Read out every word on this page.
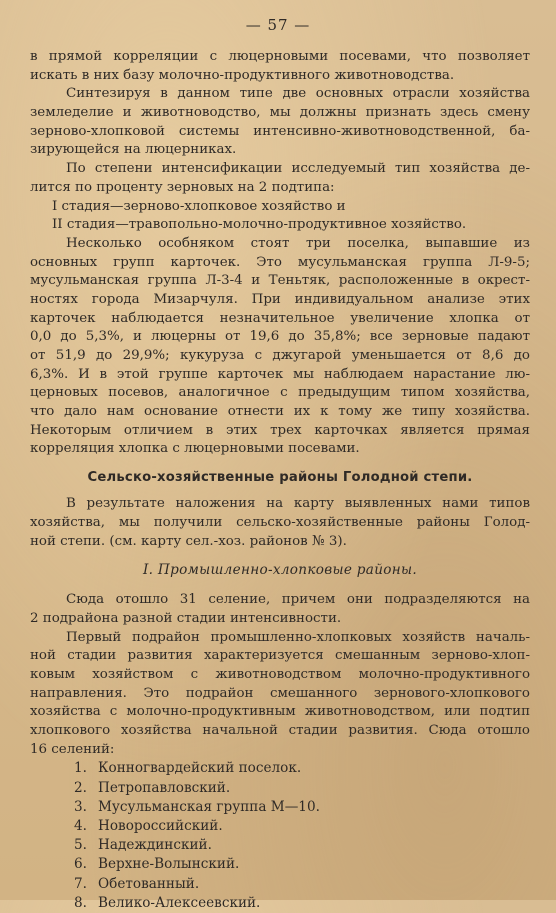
— 57 —
в прямой корреляции с люцерновыми посевами, что позволяет
искать в них базу молочно-продуктивного животноводства.
Синтезируя в данном типе две основных отрасли хозяйства
земледелие и животноводство, мы должны признать здесь смену
зерново-хлопковой системы интенсивно-животноводственной, ба-
зирующейся на люцерниках.
По степени интенсификации исследуемый тип хозяйства де-
лится по проценту зерновых на 2 подтипа:
I стадия—зерново-хлопковое хозяйство и
II стадия—травопольно-молочно-продуктивное хозяйство.
Несколько особняком стоят три поселка, выпавшие из
основных групп карточек. Это мусульманская группа Л-9-5;
мусульманская группа Л-3-4 и Теньтяк, расположенные в окрест-
ностях города Мизарчуля. При индивидуальном анализе этих
карточек наблюдается незначительное увеличение хлопка от
0,0 до 5,3%, и люцерны от 19,6 до 35,8%; все зерновые падают
от 51,9 до 29,9%; кукуруза с джугарой уменьшается от 8,6 до
6,3%. И в этой группе карточек мы наблюдаем нарастание лю-
церновых посевов, аналогичное с предыдущим типом хозяйства,
что дало нам основание отнести их к тому же типу хозяйства.
Некоторым отличием в этих трех карточках является прямая
корреляция хлопка с люцерновыми посевами.
Сельско-хозяйственные районы Голодной степи.
В результате наложения на карту выявленных нами типов
хозяйства, мы получили сельско-хозяйственные районы Голод-
ной степи. (см. карту сел.-хоз. районов № 3).
I. Промышленно-хлопковые районы.
Сюда отошло 31 селение, причем они подразделяются на
2 подрайона разной стадии интенсивности.
Первый подрайон промышленно-хлопковых хозяйств началь-
ной стадии развития характеризуется смешанным зерново-хлоп-
ковым хозяйством с животноводством молочно-продуктивного
направления. Это подрайон смешанного зернового-хлопкового
хозяйства с молочно-продуктивным животноводством, или подтип
хлопкового хозяйства начальной стадии развития. Сюда отошло
16 селений:
1. Конногвардейский поселок.
2. Петропавловский.
3. Мусульманская группа М—10.
4. Новороссийский.
5. Надеждинский.
6. Верхне-Волынский.
7. Обетованный.
8. Велико-Алексеевский.
